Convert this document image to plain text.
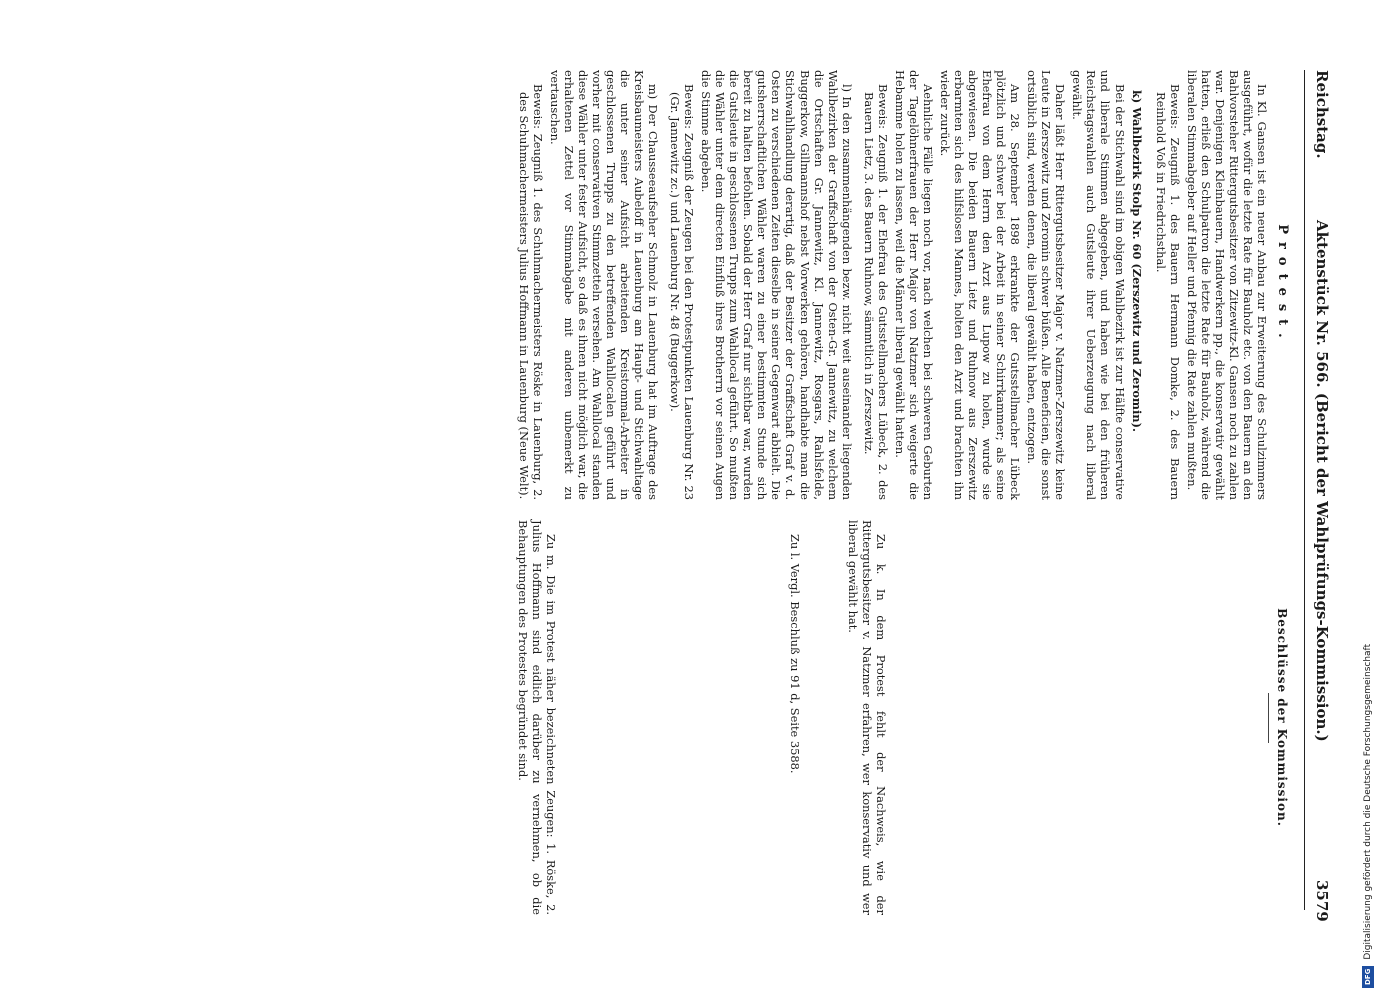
Reichstag.
Aktenstück Nr. 566. (Bericht der Wahlprüfungs-Kommission.)
3579

Protest.

In Kl. Gansen ist ein neuer Anbau zur Erweiterung des Schulzimmers ausgeführt, wofür die letzte Rate für Bauholz etc. von den Bauern an den Bahlvorsteher Rittergutsbesitzer von Zitzewitz-Kl. Gansen noch zu zahlen war. Denjenigen Kleinbauern, Handwerkern pp., die konservativ gewählt hatten, erließ den Schulpatron die letzte Rate für Bauholz, während die liberalen Stimmabgeber auf Heller und Pfennig die Rate zahlen mußten.

Beweis: Zeugniß 1. des Bauern Hermann Domke, 2. des Bauern Reinhold Voß in Friedrichsthal.

k) Wahlbezirk Stolp Nr. 60 (Zerszewitz und Zeromin).

Bei der Stichwahl sind im obigen Wahlbezirk ist zur Hälfte conservative und liberale Stimmen abgegeben, und haben wie bei den früheren Reichstagswahlen auch Gutsleute ihrer Ueberzeugung nach liberal gewählt.

Daher läßt Herr Rittergutsbesitzer Major v. Natzmer-Zerszewitz keine Leute in Zerszewitz und Zeromin schwer büßen. Alle Beneficien, die sonst ortsüblich sind, werden denen, die liberal gewählt haben, entzogen.

Am 28. September 1898 erkrankte der Gutsstellmacher Lübeck plötzlich und schwer bei der Arbeit in seiner Schirrkammer; als seine Ehefrau von dem Herrn den Arzt aus Lupow zu holen, wurde sie abgewiesen. Die beiden Bauern Lietz und Ruhnow aus Zerszewitz erbarmten sich des hilfslosen Mannes, holten den Arzt und brachten ihn wieder zurück.

Aehnliche Fälle liegen noch vor, nach welchen bei schweren Geburten der Tagelöhnerfrauen der Herr Major von Natzmer sich weigerte die Hebamme holen zu lassen, weil die Männer liberal gewählt hatten.

Beweis: Zeugniß 1. der Ehefrau des Gutsstellmachers Lübeck, 2. des Bauern Lietz, 3. des Bauern Ruhnow, sämmtlich in Zerszewitz.

l) In den zusammenhängenden bezw. nicht weit auseinander liegenden Wahlbezirken der Graffschaft von der Osten-Gr. Jannewitz, zu welchem die Ortschaften Gr. Jannewitz, Kl. Jannewitz, Rosgars, Rahlsfelde, Buggerkow, Gillmannshof nebst Vorwerken gehören, handhabte man die Stichwahlhandlung derartig, daß der Besitzer der Graffschaft Graf v. d. Osten zu verschiedenen Zeiten dieselbe in seiner Gegenwart abhielt. Die gutsherrschaftlichen Wähler waren zu einer bestimmten Stunde sich bereit zu halten befohlen. Sobald der Herr Graf nur sichtbar war, wurden die Gutsleute in geschlossenen Trupps zum Wahllocal geführt. So mußten die Wähler unter dem directen Einfluß ihres Brotherrn vor seinen Augen die Stimme abgeben.

Beweis: Zeugniß der Zeugen bei den Protestpunkten Lauenburg Nr. 23 (Gr. Jannewitz zc.) und Lauenburg Nr. 48 (Buggerkow).

m) Der Chausseeaufseher Schmolz in Lauenburg hat im Auftrage des Kreisbaumeisters Aubeloff in Lauenburg am Haupt- und Stichwahltage die unter seiner Aufsicht arbeitenden Kreistommal-Arbeiter in geschlossenen Trupps zu den betreffenden Wahllocalen geführt und vorher mit conservativen Stimmzetteln versehen. Am Wahllocal standen diese Wähler unter fester Aufsicht, so daß es ihnen nicht möglich war, die erhaltenen Zettel vor Stimmabgabe mit anderen unbemerkt zu vertauschen.

Beweis: Zeugniß 1. des Schuhmachermeisters Röske in Lauenburg, 2. des Schuhmachermeisters Julius Hoffmann in Lauenburg (Neue Welt).

Beschlüsse der Kommission.

Zu k. In dem Protest fehlt der Nachweis, wie der Rittergutsbesitzer v. Natzmer erfahren, wer konservativ und wer liberal gewählt hat.

Zu l. Vergl. Beschluß zu 91 d, Seite 3588.

Zu m. Die im Protest näher bezeichneten Zeugen: 1. Röske, 2. Julius Hoffmann sind eidlich darüber zu vernehmen, ob die Behauptungen des Protestes begründet sind.

DFGDigitalisierung gefördert durch die Deutsche Forschungsgemeinschaft
